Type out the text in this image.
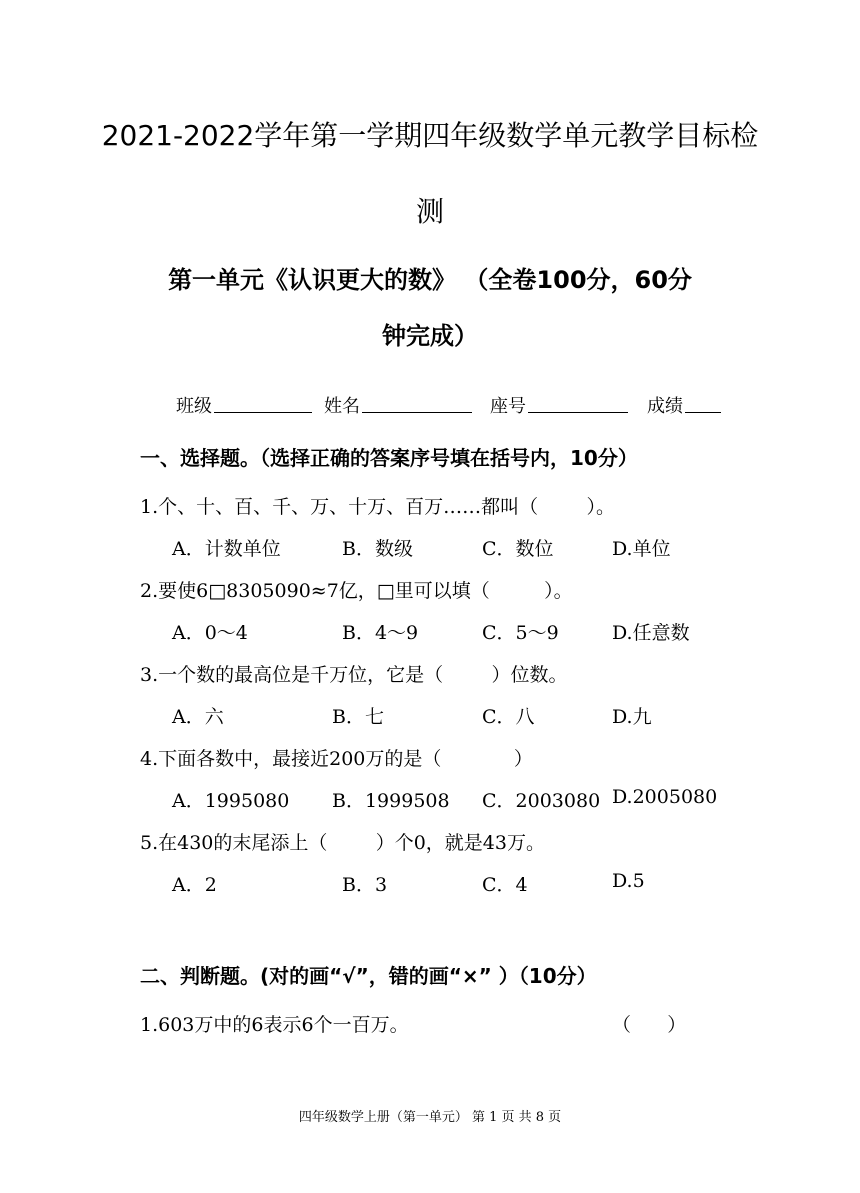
2021-2022学年第一学期四年级数学单元教学目标检
测
第一单元《认识更大的数》 （全卷100分，60分
钟完成）
班级	姓名	座号	成绩
一、选择题。（选择正确的答案序号填在括号内，10分）
1.个、十、百、千、万、十万、百万……都叫（        ）。
A．计数单位	B．数级	C．数位	D.单位
2.要使6□8305090≈7亿，□里可以填（         ）。
A．0～4	B．4～9	C．5～9	D.任意数
3.一个数的最高位是千万位，它是（        ）位数。
A．六	B．七	C．八	D.九
4.下面各数中，最接近200万的是（            ）
A．1995080 B．1999508 C．2003080 D.2005080
5.在430的末尾添上（        ）个0，就是43万。
A．2	B．3	C．4	D.5
二、判断题。(对的画“√”，错的画“×” ）（10分）
1.603万中的6表示6个一百万。	（      ）
四年级数学上册（第一单元） 第 1 页 共 8 页
